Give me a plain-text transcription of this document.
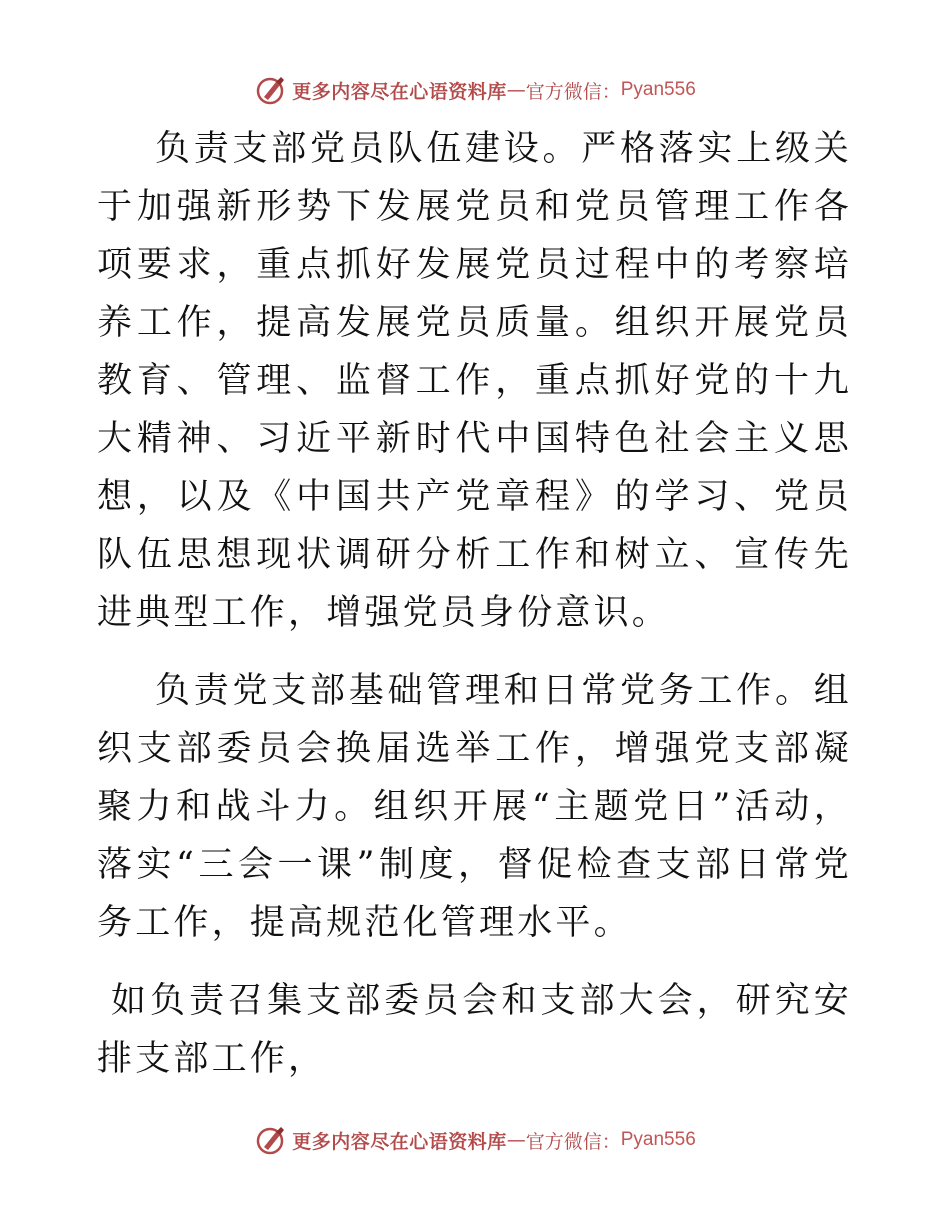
更多内容尽在心语资料库 — 官方微信： Pyan556

负责支部党员队伍建设。严格落实上级关于加强新形势下发展党员和党员管理工作各项要求，重点抓好发展党员过程中的考察培养工作，提高发展党员质量。组织开展党员教育、管理、监督工作，重点抓好党的十九大精神、习近平新时代中国特色社会主义思想，以及《中国共产党章程》的学习、党员队伍思想现状调研分析工作和树立、宣传先进典型工作，增强党员身份意识。

负责党支部基础管理和日常党务工作。组织支部委员会换届选举工作，增强党支部凝聚力和战斗力。组织开展“主题党日”活动，落实“三会一课”制度，督促检查支部日常党务工作，提高规范化管理水平。

如负责召集支部委员会和支部大会，研究安排支部工作，

更多内容尽在心语资料库 — 官方微信： Pyan556
